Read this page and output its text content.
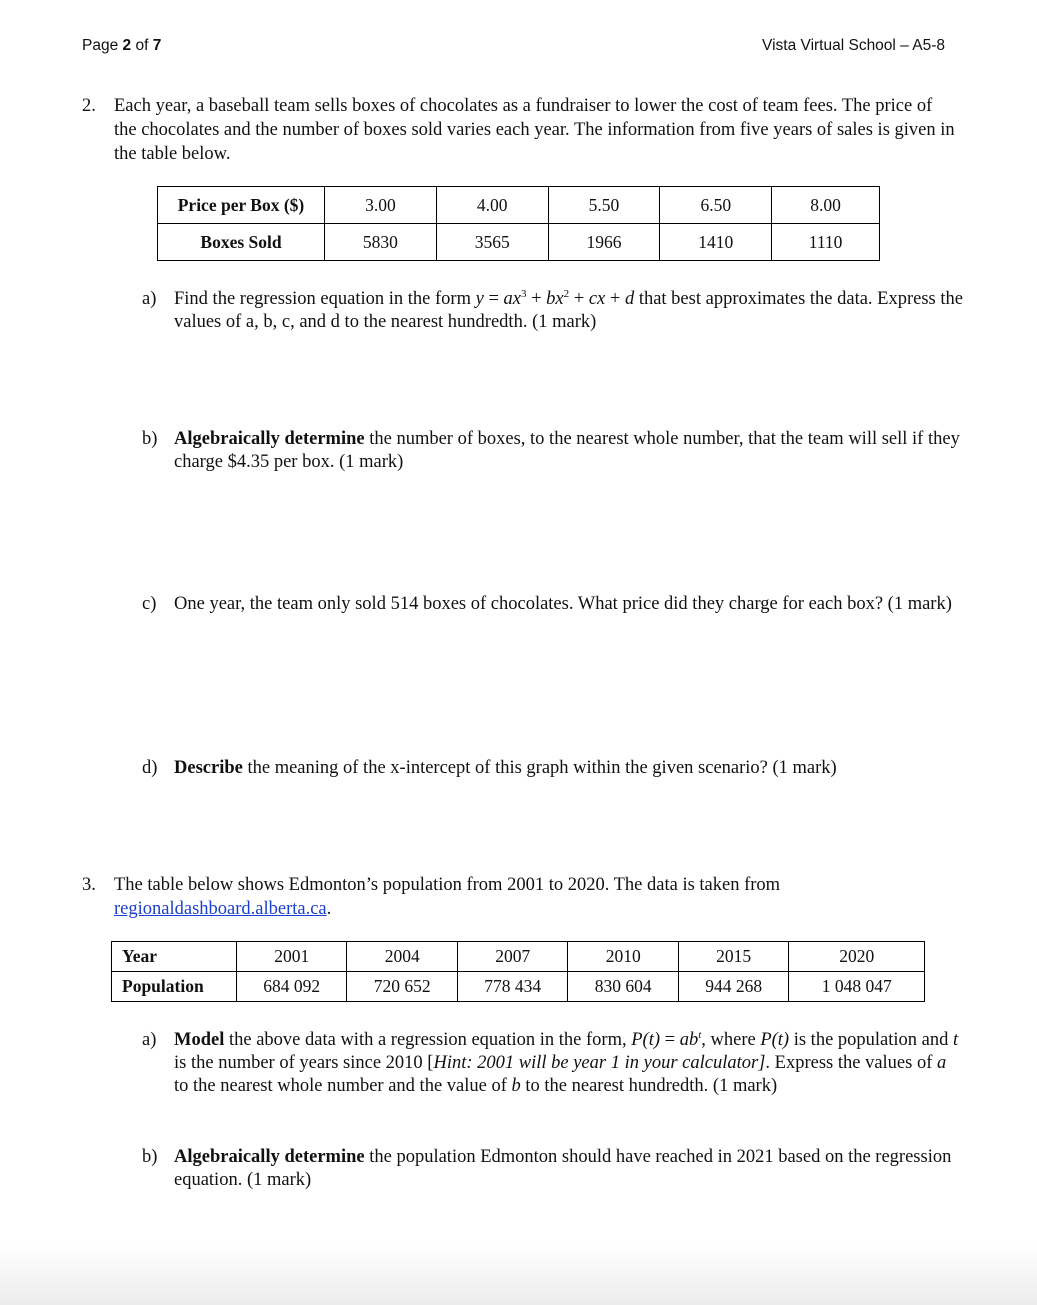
Page 2 of 7	Vista Virtual School – A5-8
2. Each year, a baseball team sells boxes of chocolates as a fundraiser to lower the cost of team fees. The price of the chocolates and the number of boxes sold varies each year. The information from five years of sales is given in the table below.
Price per Box ($)	3.00	4.00	5.50	6.50	8.00
Boxes Sold	5830	3565	1966	1410	1110
a) Find the regression equation in the form $y = ax^3 + bx^2$ + cx + d that best approximates the data. Express the values of a, b, c, and d to the nearest hundredth. (1 mark)
b) Algebraically determine the number of boxes, to the nearest whole number, that the team will sell if they charge $4.35 per box. (1 mark)
c) One year, the team only sold 514 boxes of chocolates. What price did they charge for each box? (1 mark)
d) Describe the meaning of the x-intercept of this graph within the given scenario? (1 mark)
3. The table below shows Edmonton’s population from 2001 to 2020. The data is taken from regionaldashboard.alberta.ca.
Year	2001	2004	2007	2010	2015	2020
Population	684 092	720 652	778 434	830 604	944 268	1 048 047
a) Model the above data with a regression equation in the form, $P(t) = ab^t$, where P(t) is the population and t is the number of years since 2010 [Hint: 2001 will be year 1 in your calculator]. Express the values of a to the nearest whole number and the value of b to the nearest hundredth. (1 mark)
b) Algebraically determine the population Edmonton should have reached in 2021 based on the regression equation. (1 mark)
